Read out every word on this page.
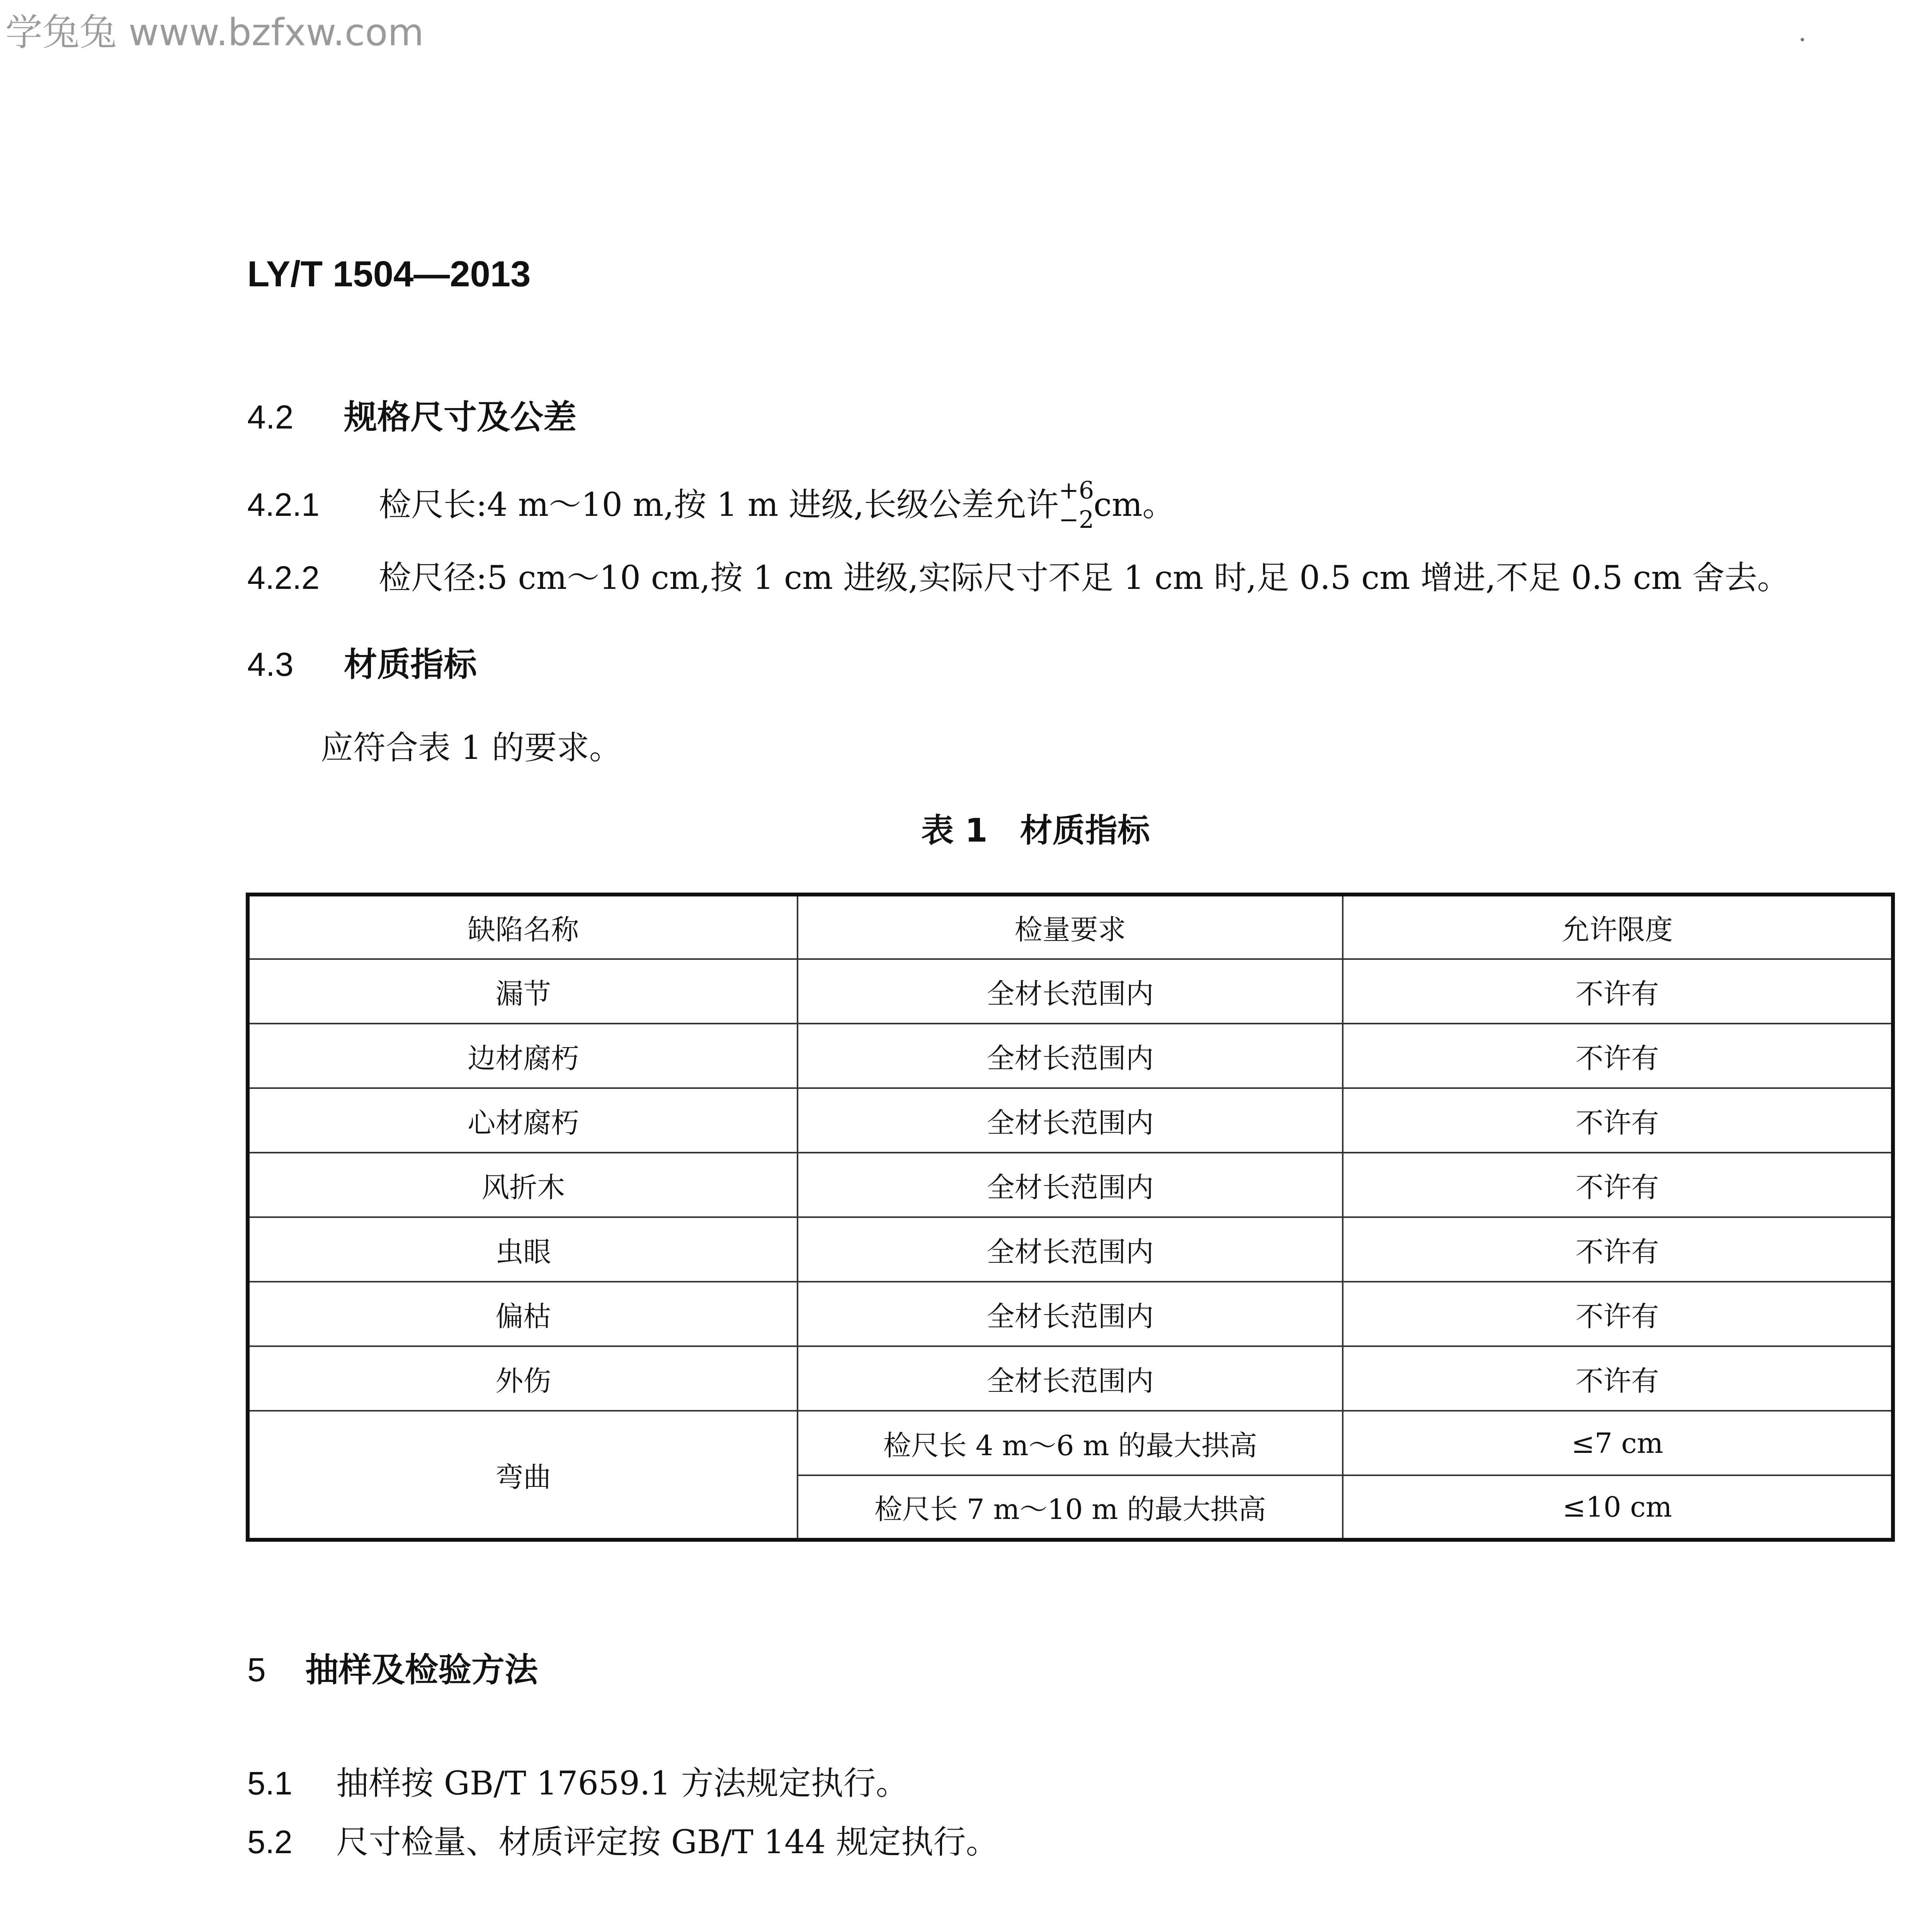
学兔兔 www.bzfxw.com
LY/T 1504—2013
4.2 规格尺寸及公差
4.2.1 检尺长:4 m～10 m,按 1 m 进级,长级公差允许 +6
−2
cm。
4.2.2 检尺径:5 cm～10 cm,按 1 cm 进级,实际尺寸不足 1 cm 时,足 0.5 cm 增进,不足 0.5 cm 舍去。
4.3 材质指标
应符合表 1 的要求。
表 1　材质指标
缺陷名称	检量要求	允许限度
漏节	全材长范围内	不许有
边材腐朽	全材长范围内	不许有
心材腐朽	全材长范围内	不许有
风折木	全材长范围内	不许有
虫眼	全材长范围内	不许有
偏枯	全材长范围内	不许有
外伤	全材长范围内	不许有
弯曲	检尺长 4 m～6 m 的最大拱高	≤7 cm
	检尺长 7 m～10 m 的最大拱高	≤10 cm
5 抽样及检验方法
5.1 抽样按 GB/T 17659.1 方法规定执行。
5.2 尺寸检量、材质评定按 GB/T 144 规定执行。
